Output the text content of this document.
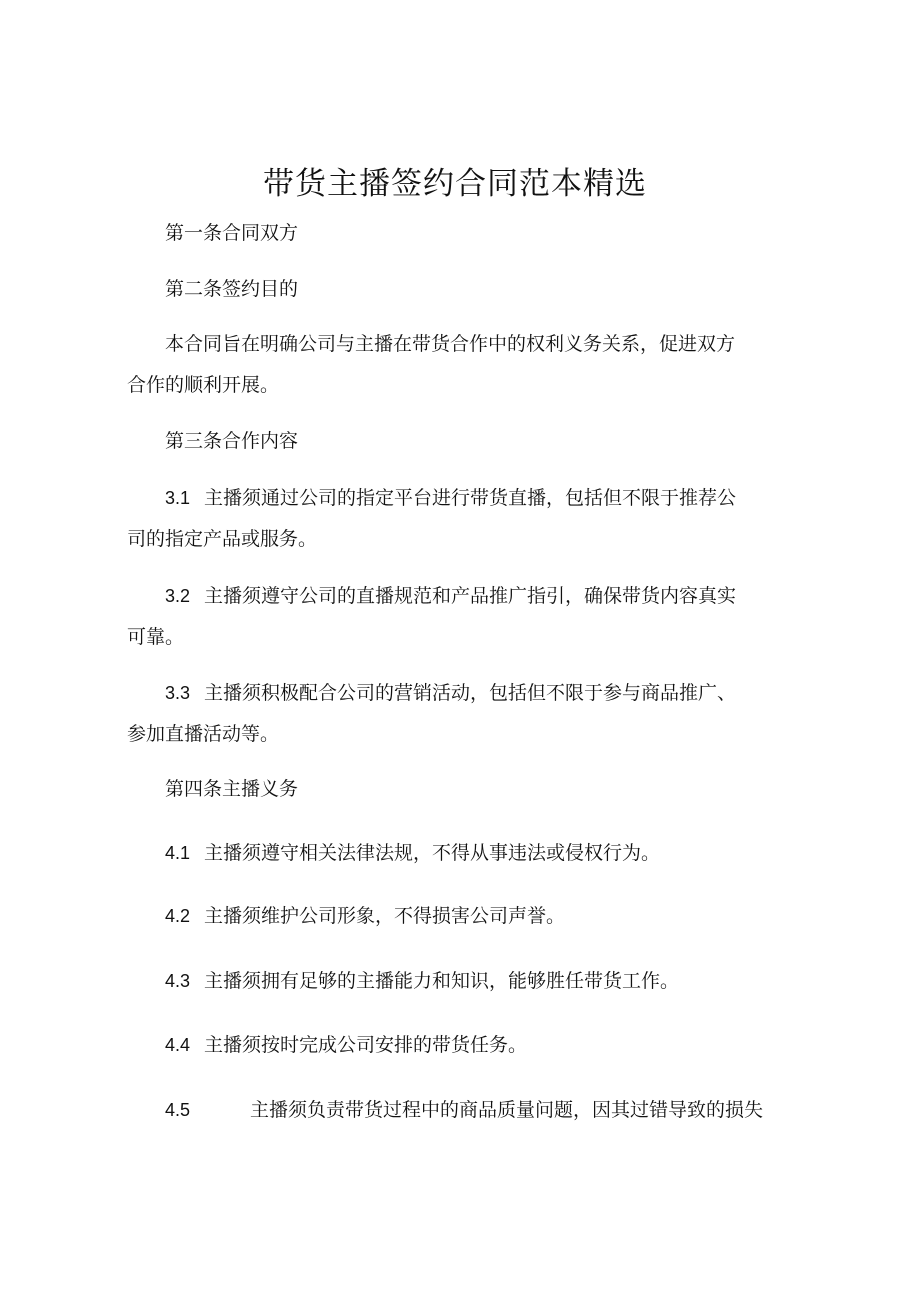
带货主播签约合同范本精选
第一条合同双方
第二条签约目的
本合同旨在明确公司与主播在带货合作中的权利义务关系，促进双方
合作的顺利开展。
第三条合作内容
3.1 主播须通过公司的指定平台进行带货直播，包括但不限于推荐公
司的指定产品或服务。
3.2 主播须遵守公司的直播规范和产品推广指引，确保带货内容真实
可靠。
3.3 主播须积极配合公司的营销活动，包括但不限于参与商品推广、
参加直播活动等。
第四条主播义务
4.1 主播须遵守相关法律法规，不得从事违法或侵权行为。
4.2 主播须维护公司形象，不得损害公司声誉。
4.3 主播须拥有足够的主播能力和知识，能够胜任带货工作。
4.4 主播须按时完成公司安排的带货任务。
4.5	主播须负责带货过程中的商品质量问题，因其过错导致的损失
